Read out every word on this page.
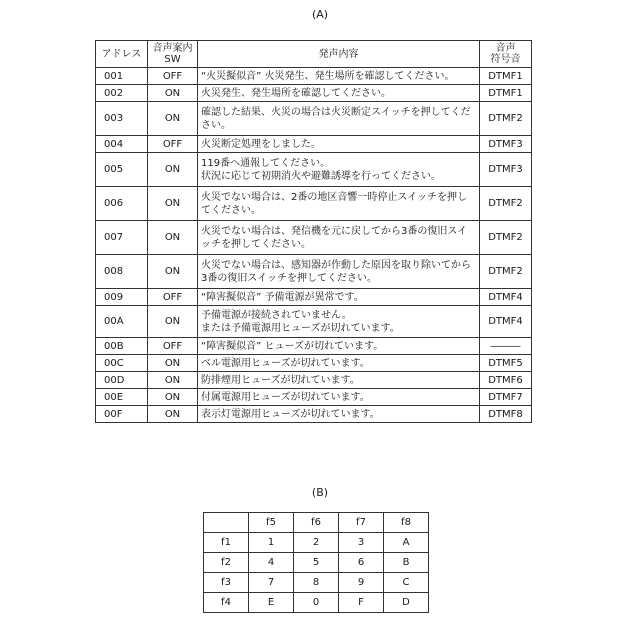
(A)
アドレス	音声案内
SW	発声内容	音声
符号音
001	OFF	“火災擬似音” 火災発生、発生場所を確認してください。	DTMF1
002	ON	火災発生、発生場所を確認してください。	DTMF1
003	ON	確認した結果、火災の場合は火災断定スイッチを押してください。	DTMF2
004	OFF	火災断定処理をしました。	DTMF3
005	ON	119番へ通報してください。
状況に応じて初期消火や避難誘導を行ってください。	DTMF3
006	ON	火災でない場合は、2番の地区音響一時停止スイッチを押してください。	DTMF2
007	ON	火災でない場合は、発信機を元に戻してから3番の復旧スイッチを押してください。	DTMF2
008	ON	火災でない場合は、感知器が作動した原因を取り除いてから3番の復旧スイッチを押してください。	DTMF2
009	OFF	“障害擬似音” 予備電源が異常です。	DTMF4
00A	ON	予備電源が接続されていません。
または予備電源用ヒューズが切れています。	DTMF4
00B	OFF	“障害擬似音” ヒューズが切れています。	―――
00C	ON	ベル電源用ヒューズが切れています。	DTMF5
00D	ON	防排煙用ヒューズが切れています。	DTMF6
00E	ON	付属電源用ヒューズが切れています。	DTMF7
00F	ON	表示灯電源用ヒューズが切れています。	DTMF8
(B)
	f5	f6	f7	f8
f1	1	2	3	A
f2	4	5	6	B
f3	7	8	9	C
f4	E	0	F	D
